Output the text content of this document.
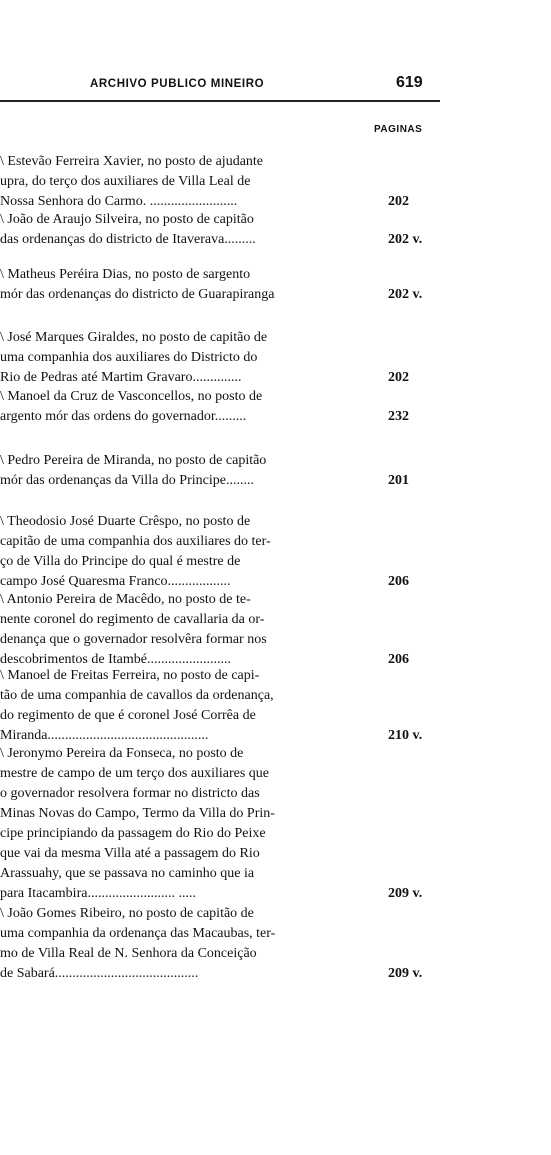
ARCHIVO PUBLICO MINEIRO	619
PAGINAS
\ Estevão Ferreira Xavier, no posto de ajudante
upra, do terço dos auxiliares de Villa Leal de
Nossa Senhora do Carmo. .........................	202
\ João de Araujo Silveira, no posto de capitão
das ordenanças do districto de Itaverava.........	202 v.
\ Matheus Peréira Dias, no posto de sargento
mór das ordenanças do districto de Guarapiranga	202 v.
\ José Marques Giraldes, no posto de capitão de
uma companhia dos auxiliares do Districto do
Rio de Pedras até Martim Gravaro..............	202
\ Manoel da Cruz de Vasconcellos, no posto de
argento mór das ordens do governador.........	232
\ Pedro Pereira de Miranda, no posto de capitão
mór das ordenanças da Villa do Principe........	201
\ Theodosio José Duarte Crêspo, no posto de
capitão de uma companhia dos auxiliares do ter-
ço de Villa do Principe do qual é mestre de
campo José Quaresma Franco..................	206
\ Antonio Pereira de Macêdo, no posto de te-
nente coronel do regimento de cavallaria da or-
denança que o governador resolvêra formar nos
descobrimentos de Itambé........................	206
\ Manoel de Freitas Ferreira, no posto de capi-
tão de uma companhia de cavallos da ordenança,
do regimento de que é coronel José Corrêa de
Miranda..............................................	210 v.
\ Jeronymo Pereira da Fonseca, no posto de
mestre de campo de um terço dos auxiliares que
o governador resolvera formar no districto das
Minas Novas do Campo, Termo da Villa do Prin-
cipe principiando da passagem do Rio do Peixe
que vai da mesma Villa até a passagem do Rio
Arassuahy, que se passava no caminho que ia
para Itacambira......................... .....	209 v.
\ João Gomes Ribeiro, no posto de capitão de
uma companhia da ordenança das Macaubas, ter-
mo de Villa Real de N. Senhora da Conceição
de Sabará.........................................	209 v.
